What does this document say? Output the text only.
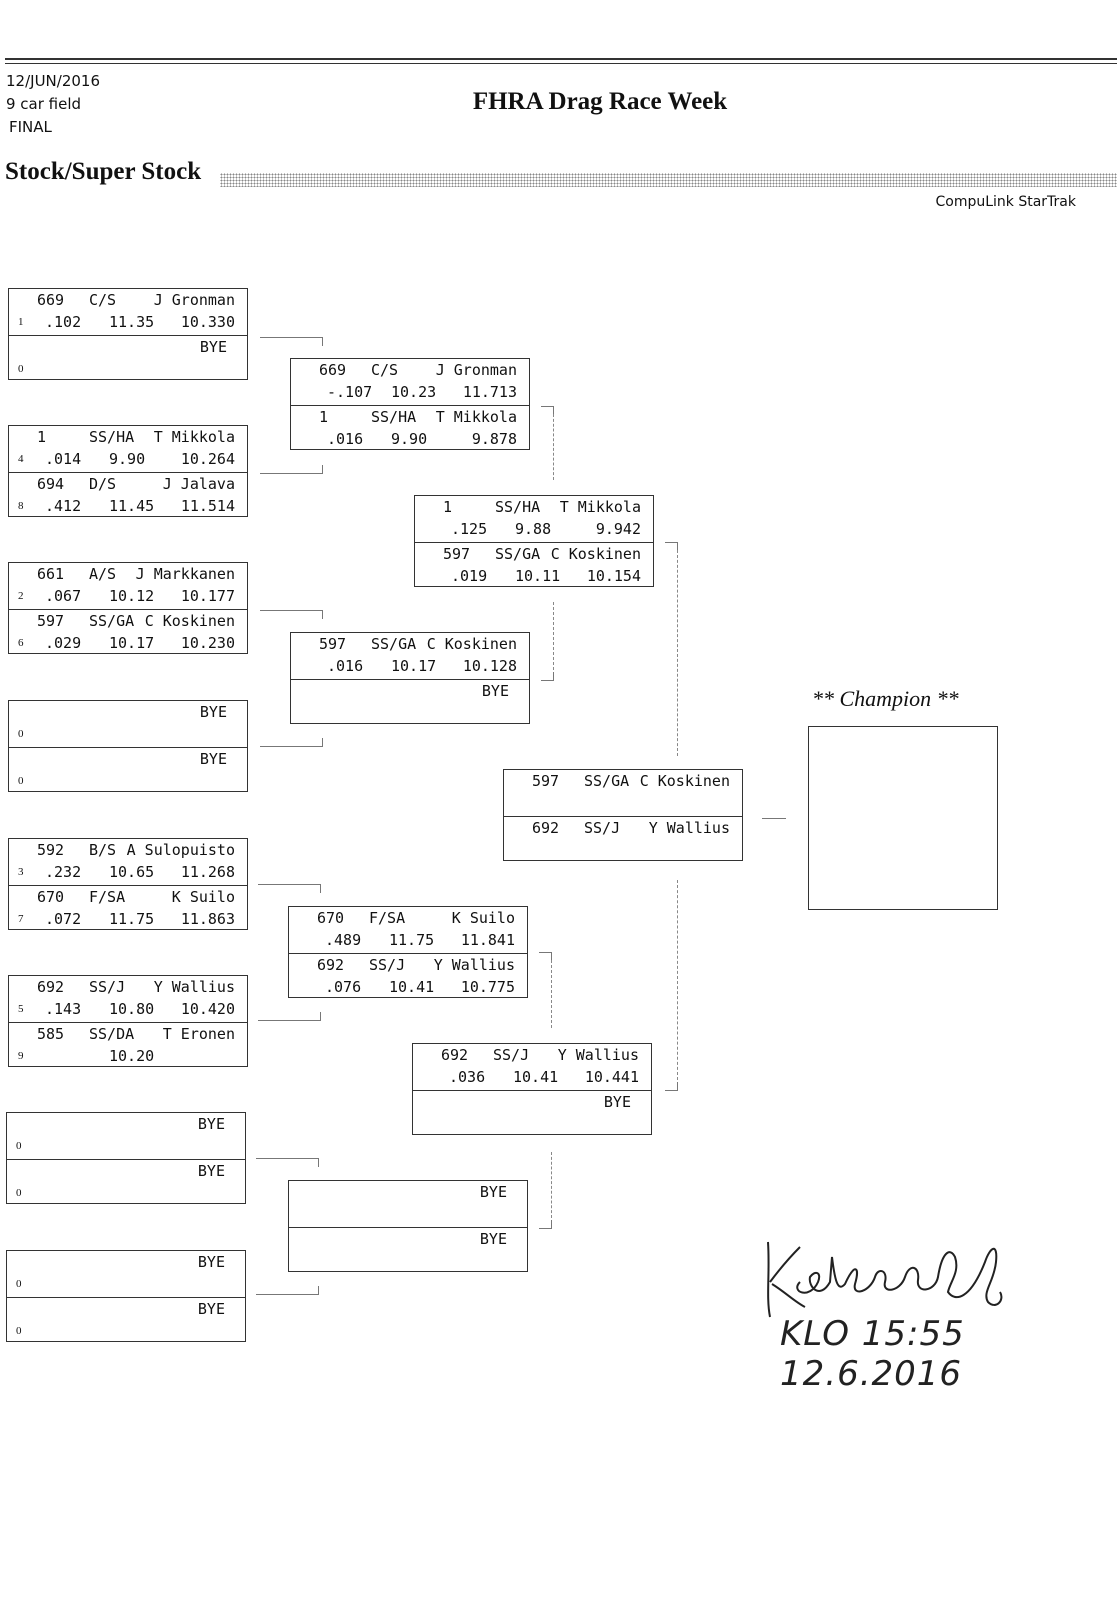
12/JUN/2016
9 car field
FINAL
FHRA Drag Race Week
Stock/Super Stock
CompuLink StarTrak
1
669 C/S	J Gronman
.102 11.35 10.330
0
BYE
4
1	SS/HA T Mikkola
.014 9.90 10.264
8
694 D/S	J Jalava
.412 11.45 11.514
2
661 A/S J Markkanen
.067 10.12 10.177
6
597 SS/GA C Koskinen
.029 10.17 10.230
0
BYE
0
BYE
3
592 B/S A Sulopuisto
.232 10.65 11.268
7
670 F/SA	K Suilo
.072 11.75 11.863
5
692 SS/J Y Wallius
.143 10.80 10.420
9
585 SS/DA T Eronen
10.20
0
BYE
0
BYE
0
BYE
0
BYE
669 C/S	J Gronman
-.107 10.23 11.713
1	SS/HA T Mikkola
.016 9.90	9.878
597 SS/GA C Koskinen
.016 10.17 10.128
BYE
670 F/SA	K Suilo
.489 11.75 11.841
692 SS/J Y Wallius
.076 10.41 10.775
BYE
BYE
1	SS/HA T Mikkola
.125 9.88	9.942
597 SS/GA C Koskinen
.019 10.11 10.154
692 SS/J Y Wallius
.036 10.41 10.441
BYE
597 SS/GA C Koskinen
692 SS/J Y Wallius
** Champion **
KLO 15:55 12.6.2016
